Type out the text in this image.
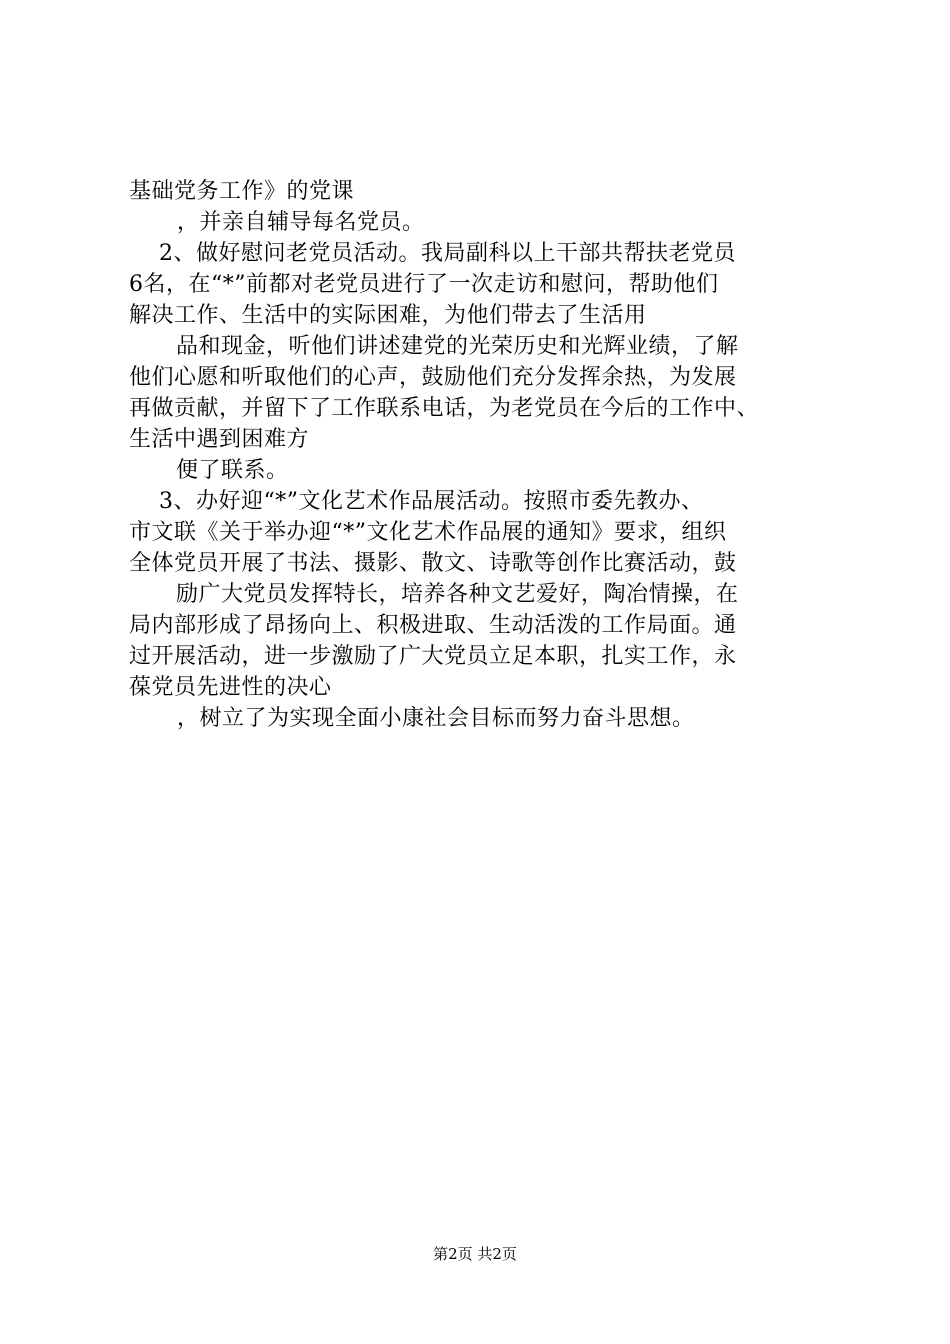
基础党务工作》的党课
，并亲自辅导每名党员。
2、做好慰问老党员活动。我局副科以上干部共帮扶老党员
6名，在“*”前都对老党员进行了一次走访和慰问，帮助他们
解决工作、生活中的实际困难，为他们带去了生活用
品和现金，听他们讲述建党的光荣历史和光辉业绩，了解
他们心愿和听取他们的心声，鼓励他们充分发挥余热，为发展
再做贡献，并留下了工作联系电话，为老党员在今后的工作中、
生活中遇到困难方
便了联系。
3、办好迎“*”文化艺术作品展活动。按照市委先教办、
市文联《关于举办迎“*”文化艺术作品展的通知》要求，组织
全体党员开展了书法、摄影、散文、诗歌等创作比赛活动，鼓
励广大党员发挥特长，培养各种文艺爱好，陶冶情操，在
局内部形成了昂扬向上、积极进取、生动活泼的工作局面。通
过开展活动，进一步激励了广大党员立足本职，扎实工作，永
葆党员先进性的决心
，树立了为实现全面小康社会目标而努力奋斗思想。
第2页 共2页
